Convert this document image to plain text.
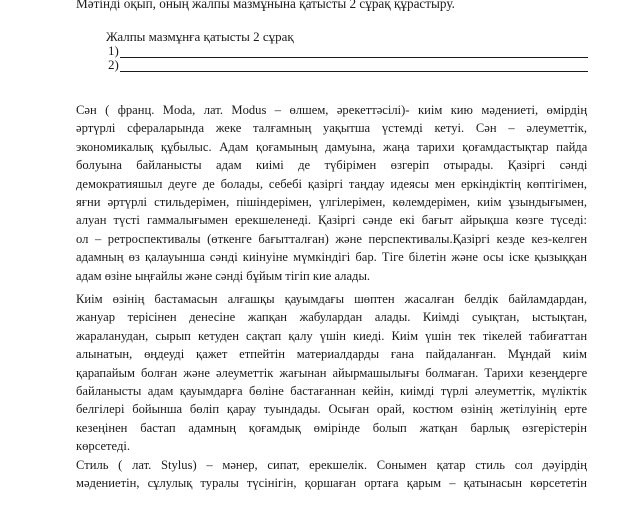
Мәтінді оқып, оның жалпы мазмұнына қатысты 2 сұрақ құрастыру.
Жалпы мазмұнға қатысты 2 сұрақ
1)
2)
Сән ( франц. Moda, лат. Modus – өлшем, әрекеттәсілі)- киім кию мәдениеті, өмірдің
әртүрлі сфераларында жеке талғамның уақытша үстемді кетуі. Сән – әлеуметтік,
экономикалық құбылыс. Адам қоғамының дамуына, жаңа тарихи қоғамдастықтар пайда
болуына байланысты адам киімі де түбірімен өзгеріп отырады. Қазіргі сәнді
демократияшыл деуге де болады, себебі қазіргі таңдау идеясы мен еркіндіктің көптігімен,
яғни әртүрлі стильдерімен, пішіндерімен, үлгілерімен, көлемдерімен, киім ұзындығымен,
алуан түсті гаммалығымен ерекшеленеді. Қазіргі сәнде екі бағыт айрықша көзге түседі:
ол – ретроспективалы (өткенге бағытталған) және перспективалы.Қазіргі кезде кез-келген
адамның өз қалауынша сәнді киінуіне мүмкіндігі бар. Тіге білетін және осы іске қызыққан
адам өзіне ыңғайлы және сәнді бұйым тігіп киe алады.
Киім өзінің бастамасын алғашқы қауымдағы шөптен жасалған белдік байламдардан,
жануар терісінен денесіне жапқан жабулардан алады. Киімді суықтан, ыстықтан,
жараланудан, сырып кетуден сақтап қалу үшін киеді. Киім үшін тек тікелей табиғаттан
алынатын, өңдеуді қажет етпейтін материалдарды ғана пайдаланған. Мұндай киім
қарапайым болған және әлеуметтік жағынан айырмашылығы болмаған. Тарихи кезеңдерге
байланысты адам қауымдарға бөліне бастағаннан кейін, киімді түрлі әлеуметтік, мүліктік
белгілері бойынша бөліп қарау туындады. Осыған орай, костюм өзінің жетілуінің ерте
кезеңінен бастап адамның қоғамдық өмірінде болып жатқан барлық өзгерістерін
көрсетеді.
Стиль ( лат. Stylus) – мәнер, сипат, ерекшелік. Сонымен қатар стиль сол дәуірдің
мәдениетін, сұлулық туралы түсінігін, қоршаған ортаға қарым – қатынасын көрсететін
